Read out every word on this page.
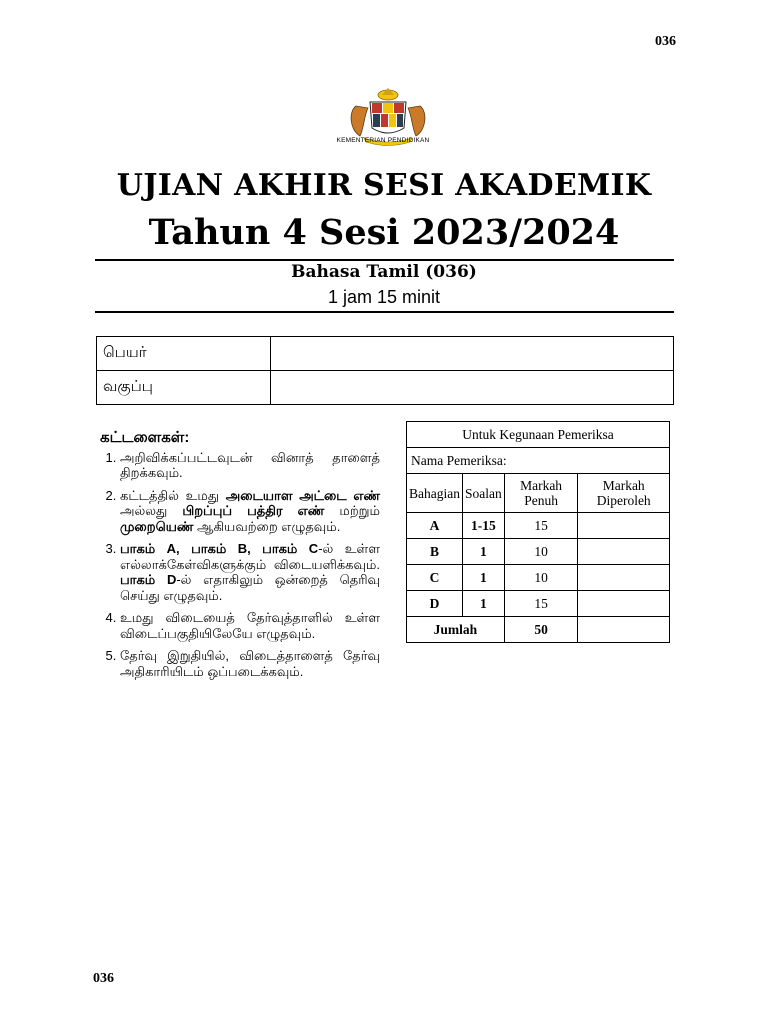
036
KEMENTERIAN PENDIDIKAN
UJIAN AKHIR SESI AKADEMIK
Tahun 4 Sesi 2023/2024
Bahasa Tamil (036)
1 jam 15 minit
பெயர்	
வகுப்பு	
கட்டளைகள்:
1. அறிவிக்கப்பட்டவுடன் வினாத் தாளைத் திறக்கவும்.
2. கட்டத்தில் உமது அடையாள அட்டை எண் அல்லது பிறப்புப் பத்திர எண் மற்றும் முறையெண் ஆகியவற்றை எழுதவும்.
3. பாகம் A, பாகம் B, பாகம் C-ல் உள்ள எல்லாக்கேள்விகளுக்கும் விடையளிக்கவும். பாகம் D-ல் எதாகிலும் ஒன்றைத் தெரிவு செய்து எழுதவும்.
4. உமது விடையைத் தேர்வுத்தாளில் உள்ள விடைப்பகுதியிலேயே எழுதவும்.
5. தேர்வு இறுதியில், விடைத்தாளைத் தேர்வு அதிகாரியிடம் ஒப்படைக்கவும்.
Untuk Kegunaan Pemeriksa			
Nama Pemeriksa:			
Bahagian	Soalan	Markah Penuh	Markah Diperoleh
A	1-15	15	
B	1	10	
C	1	10	
D	1	15	
Jumlah		50	
036
